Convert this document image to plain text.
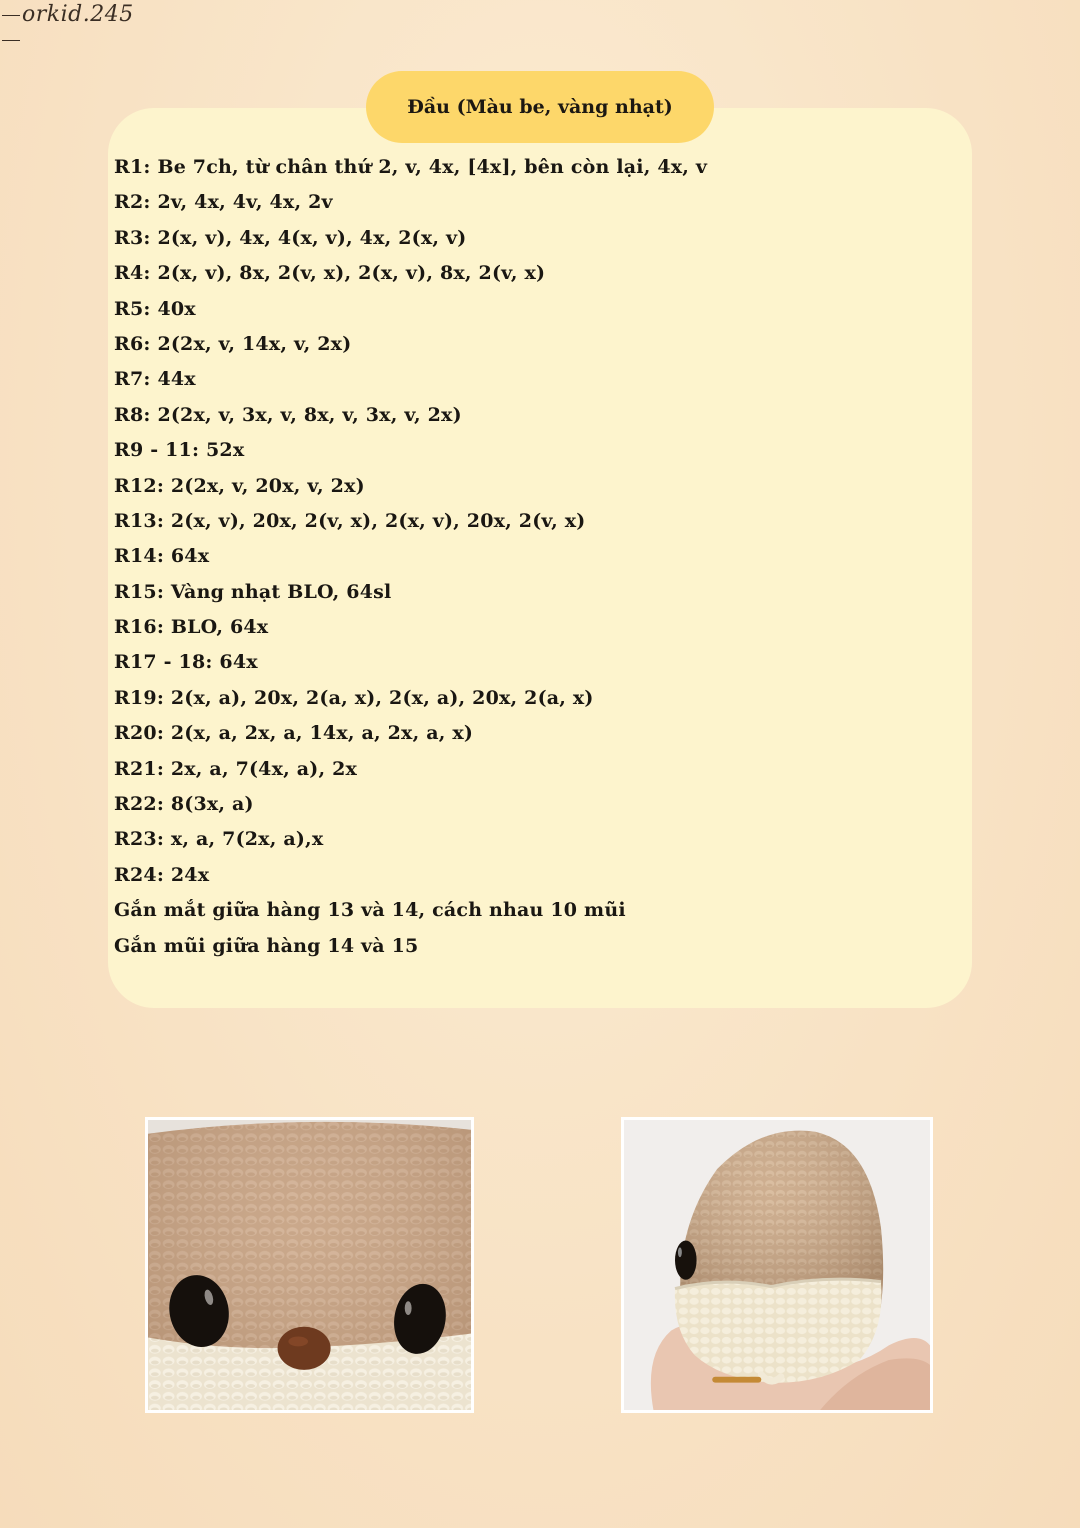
orkid.245
Đầu (Màu be, vàng nhạt)
R1: Be 7ch, từ chân thứ 2, v, 4x, [4x], bên còn lại, 4x, v
R2: 2v, 4x, 4v, 4x, 2v
R3: 2(x, v), 4x, 4(x, v), 4x, 2(x, v)
R4: 2(x, v), 8x, 2(v, x), 2(x, v), 8x, 2(v, x)
R5: 40x
R6: 2(2x, v, 14x, v, 2x)
R7: 44x
R8: 2(2x, v, 3x, v, 8x, v, 3x, v, 2x)
R9 - 11: 52x
R12: 2(2x, v, 20x, v, 2x)
R13: 2(x, v), 20x, 2(v, x), 2(x, v), 20x, 2(v, x)
R14: 64x
R15: Vàng nhạt BLO, 64sl
R16: BLO, 64x
R17 - 18: 64x
R19: 2(x, a), 20x, 2(a, x), 2(x, a), 20x, 2(a, x)
R20: 2(x, a, 2x, a, 14x, a, 2x, a, x)
R21: 2x, a, 7(4x, a), 2x
R22: 8(3x, a)
R23: x, a, 7(2x, a),x
R24: 24x
Gắn mắt giữa hàng 13 và 14, cách nhau 10 mũi
Gắn mũi giữa hàng 14 và 15
